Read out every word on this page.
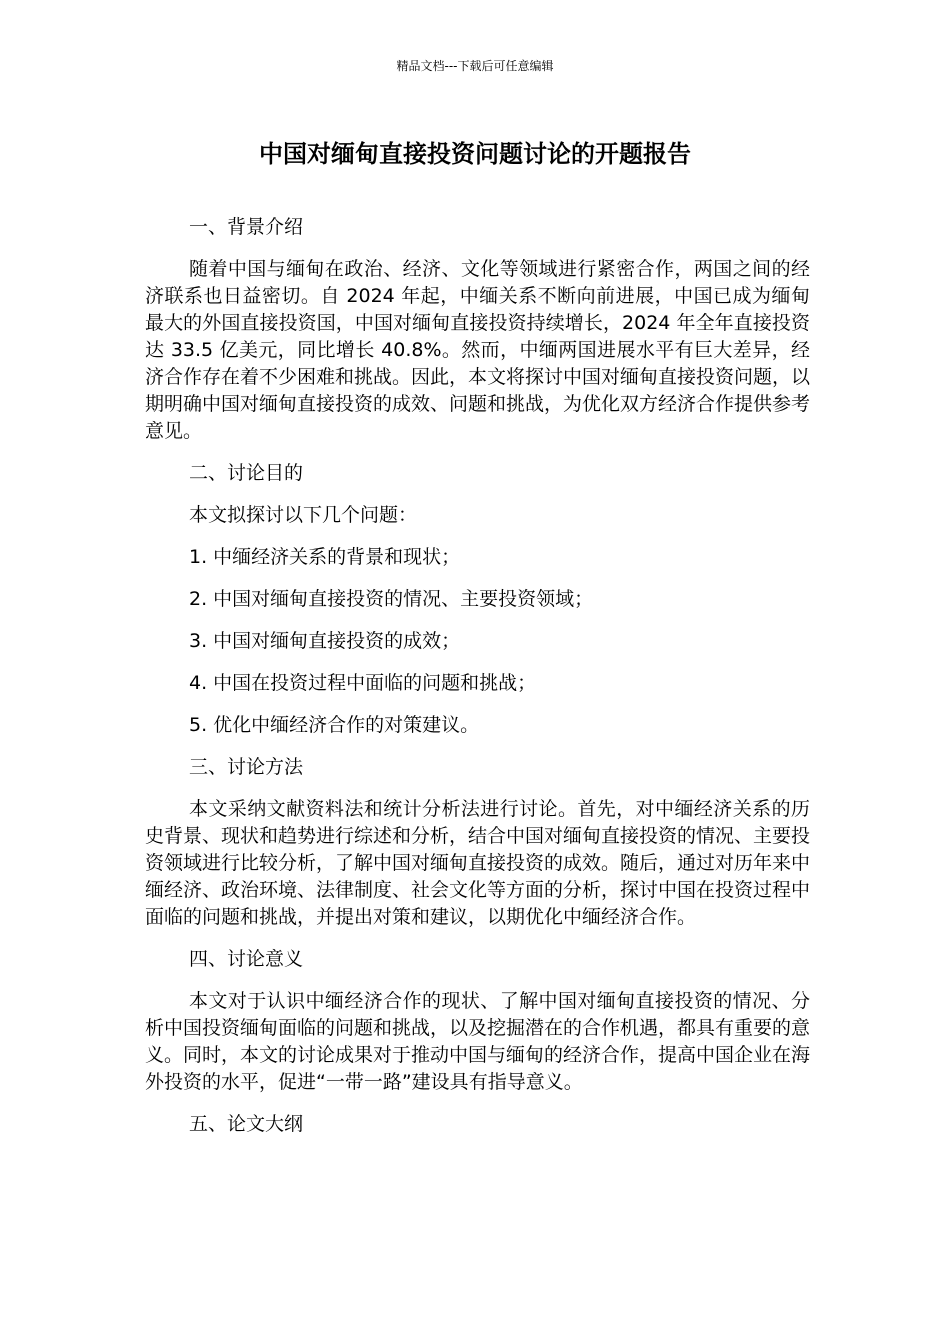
精品文档---下载后可任意编辑
中国对缅甸直接投资问题讨论的开题报告

一、背景介绍

随着中国与缅甸在政治、经济、文化等领域进行紧密合作，两国之间的经济联系也日益密切。自 2024 年起，中缅关系不断向前进展，中国已成为缅甸最大的外国直接投资国，中国对缅甸直接投资持续增长，2024 年全年直接投资达 33.5 亿美元，同比增长 40.8%。然而，中缅两国进展水平有巨大差异，经济合作存在着不少困难和挑战。因此，本文将探讨中国对缅甸直接投资问题，以期明确中国对缅甸直接投资的成效、问题和挑战，为优化双方经济合作提供参考意见。

二、讨论目的

本文拟探讨以下几个问题：

1. 中缅经济关系的背景和现状；

2. 中国对缅甸直接投资的情况、主要投资领域；

3. 中国对缅甸直接投资的成效；

4. 中国在投资过程中面临的问题和挑战；

5. 优化中缅经济合作的对策建议。

三、讨论方法

本文采纳文献资料法和统计分析法进行讨论。首先，对中缅经济关系的历史背景、现状和趋势进行综述和分析，结合中国对缅甸直接投资的情况、主要投资领域进行比较分析，了解中国对缅甸直接投资的成效。随后，通过对历年来中缅经济、政治环境、法律制度、社会文化等方面的分析，探讨中国在投资过程中面临的问题和挑战，并提出对策和建议，以期优化中缅经济合作。

四、讨论意义

本文对于认识中缅经济合作的现状、了解中国对缅甸直接投资的情况、分析中国投资缅甸面临的问题和挑战，以及挖掘潜在的合作机遇，都具有重要的意义。同时，本文的讨论成果对于推动中国与缅甸的经济合作，提高中国企业在海外投资的水平，促进“一带一路”建设具有指导意义。

五、论文大纲
